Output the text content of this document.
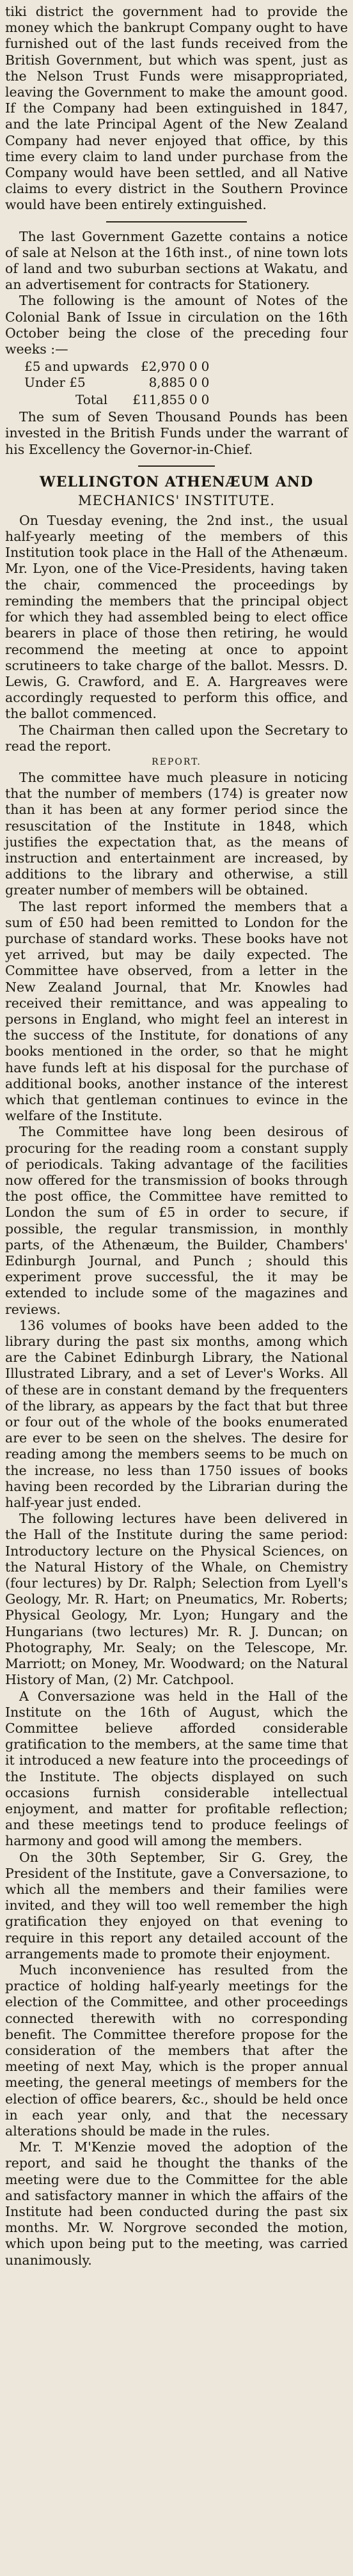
tiki district the government had to provide the money which the bankrupt Company ought to have furnished out of the last funds received from the British Government, but which was spent, just as the Nelson Trust Funds were misappropriated, leaving the Government to make the amount good. If the Company had been extinguished in 1847, and the late Principal Agent of the New Zealand Company had never enjoyed that office, by this time every claim to land under purchase from the Company would have been settled, and all Native claims to every district in the Southern Province would have been entirely extinguished.

The last Government Gazette contains a notice of sale at Nelson at the 16th inst., of nine town lots of land and two suburban sections at Wakatu, and an advertisement for contracts for Stationery.

The following is the amount of Notes of the Colonial Bank of Issue in circulation on the 16th October being the close of the preceding four weeks :—

£5 and upwards	£2,970	0	0
Under £5	8,885	0	0
Total	£11,855	0	0

The sum of Seven Thousand Pounds has been invested in the British Funds under the warrant of his Excellency the Governor-in-Chief.

WELLINGTON ATHENÆUM AND
MECHANICS' INSTITUTE.

On Tuesday evening, the 2nd inst., the usual half-yearly meeting of the members of this Institution took place in the Hall of the Athenæum. Mr. Lyon, one of the Vice-Presidents, having taken the chair, commenced the proceedings by reminding the members that the principal object for which they had assembled being to elect office bearers in place of those then retiring, he would recommend the meeting at once to appoint scrutineers to take charge of the ballot. Messrs. D. Lewis, G. Crawford, and E. A. Hargreaves were accordingly requested to perform this office, and the ballot commenced.

The Chairman then called upon the Secretary to read the report.

REPORT.

The committee have much pleasure in noticing that the number of members (174) is greater now than it has been at any former period since the resuscitation of the Institute in 1848, which justifies the expectation that, as the means of instruction and entertainment are increased, by additions to the library and otherwise, a still greater number of members will be obtained.

The last report informed the members that a sum of £50 had been remitted to London for the purchase of standard works. These books have not yet arrived, but may be daily expected. The Committee have observed, from a letter in the New Zealand Journal, that Mr. Knowles had received their remittance, and was appealing to persons in England, who might feel an interest in the success of the Institute, for donations of any books mentioned in the order, so that he might have funds left at his disposal for the purchase of additional books, another instance of the interest which that gentleman continues to evince in the welfare of the Institute.

The Committee have long been desirous of procuring for the reading room a constant supply of periodicals. Taking advantage of the facilities now offered for the transmission of books through the post office, the Committee have remitted to London the sum of £5 in order to secure, if possible, the regular transmission, in monthly parts, of the Athenæum, the Builder, Chambers' Edinburgh Journal, and Punch ; should this experiment prove successful, the it may be extended to include some of the magazines and reviews.

136 volumes of books have been added to the library during the past six months, among which are the Cabinet Edinburgh Library, the National Illustrated Library, and a set of Lever's Works. All of these are in constant demand by the frequenters of the library, as appears by the fact that but three or four out of the whole of the books enumerated are ever to be seen on the shelves. The desire for reading among the members seems to be much on the increase, no less than 1750 issues of books having been recorded by the Librarian during the half-year just ended.

The following lectures have been delivered in the Hall of the Institute during the same period: Introductory lecture on the Physical Sciences, on the Natural History of the Whale, on Chemistry (four lectures) by Dr. Ralph; Selection from Lyell's Geology, Mr. R. Hart; on Pneumatics, Mr. Roberts; Physical Geology, Mr. Lyon; Hungary and the Hungarians (two lectures) Mr. R. J. Duncan; on Photography, Mr. Sealy; on the Telescope, Mr. Marriott; on Money, Mr. Woodward; on the Natural History of Man, (2) Mr. Catchpool.

A Conversazione was held in the Hall of the Institute on the 16th of August, which the Committee believe afforded considerable gratification to the members, at the same time that it introduced a new feature into the proceedings of the Institute. The objects displayed on such occasions furnish considerable intellectual enjoyment, and matter for profitable reflection; and these meetings tend to produce feelings of harmony and good will among the members.

On the 30th September, Sir G. Grey, the President of the Institute, gave a Conversazione, to which all the members and their families were invited, and they will too well remember the high gratification they enjoyed on that evening to require in this report any detailed account of the arrangements made to promote their enjoyment.

Much inconvenience has resulted from the practice of holding half-yearly meetings for the election of the Committee, and other proceedings connected therewith with no corresponding benefit. The Committee therefore propose for the consideration of the members that after the meeting of next May, which is the proper annual meeting, the general meetings of members for the election of office bearers, &c., should be held once in each year only, and that the necessary alterations should be made in the rules.

Mr. T. M'Kenzie moved the adoption of the report, and said he thought the thanks of the meeting were due to the Committee for the able and satisfactory manner in which the affairs of the Institute had been conducted during the past six months. Mr. W. Norgrove seconded the motion, which upon being put to the meeting, was carried unanimously.
